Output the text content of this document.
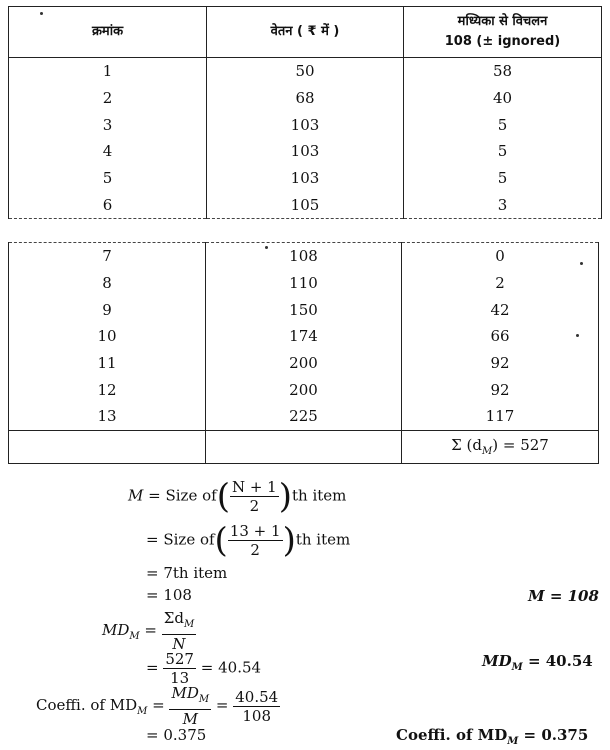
क्रमांक	वेतन ( ₹ में )	मध्यिका से विचलन
108 (± ignored)
1	50	58
2	68	40
3	103	5
4	103	5
5	103	5
6	105	3
7	108	0
8	110	2
9	150	42
10	174	66
11	200	92
12	200	92
13	225	117
		Σ $(d_M) = 527$
M = Size $of( \frac{N + 1}{2} )th$ item
= Size $of( \frac{13 + 1}{2} )th$ item
= 7th item
= 108	M = 108
$MD_M = \frac{\Sigma d_M}{N}$
= $\frac{527}{13} = 40.54$	$MD_M = 40.54$
Coeffi. of $MD_M = \frac{MD_M}{M} = \frac{40.54}{108}$
= 0.375	Coeffi. of $MD_M = 0.375$
